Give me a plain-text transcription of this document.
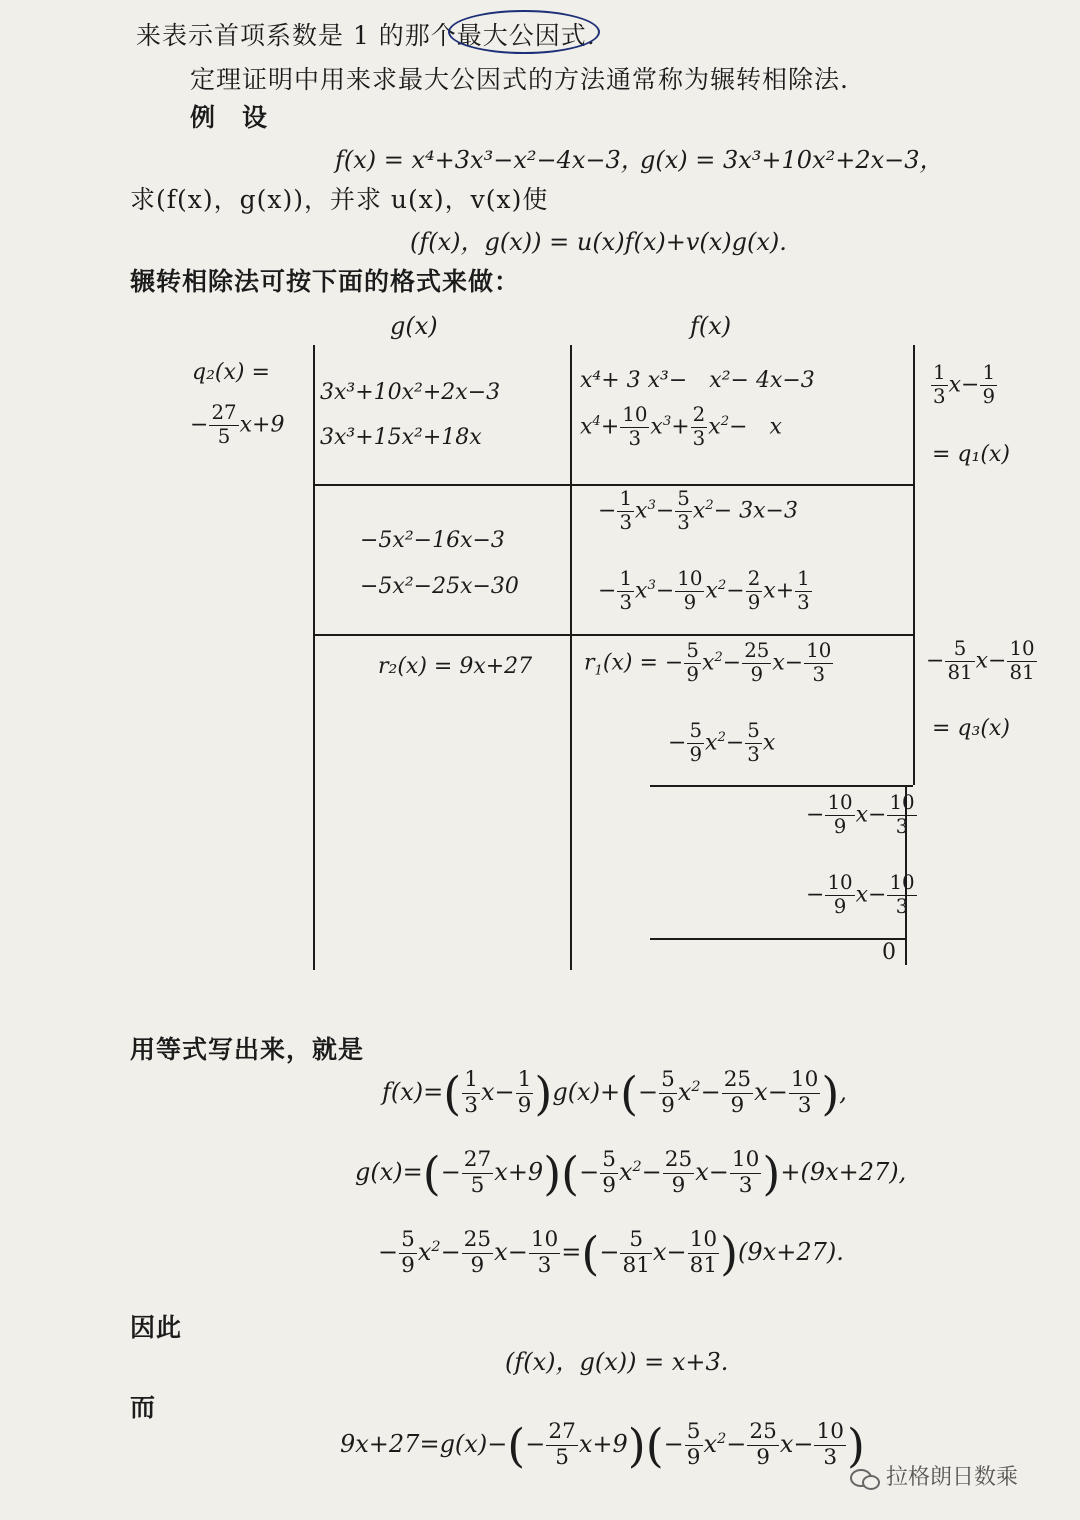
来表示首项系数是 1 的那个最大公因式.
定理证明中用来求最大公因式的方法通常称为辗转相除法.
例　设
f(x) = x⁴+3x³−x²−4x−3，
g(x) = 3x³+10x²+2x−3，
求(f(x)，g(x))，并求 u(x)，v(x)使
(f(x)，g(x)) = u(x)f(x)+v(x)g(x).
辗转相除法可按下面的格式来做：
g(x)	f(x)
q₂(x) =
− $\frac{27}{5} x+9$
3x³+10x²+2x−3
3x³+15x²+18x
−5x²−16x−3
−5x²−25x−30
r₂(x) = 9x+27
x⁴+ 3 x³−　x²− 4x−3
$x^4+ \frac{10}{3} x^3+ \frac{2}{3} x^2-$　x
− $\frac{1}{3} x^3- \frac{5}{3} x^2- 3x-3$
− $\frac{1}{3} x^3- \frac{10}{9} x^2- \frac{2}{9} x+ \frac{1}{3}$
$r_1(x)$ = − $\frac{5}{9} x^2- \frac{25}{9} x- \frac{10}{3}$
− $\frac{5}{9} x^2- \frac{5}{3}$ x
− $\frac{10}{9} x- \frac{10}{3}$
− $\frac{10}{9} x- \frac{10}{3}$
0
$\frac{1}{3} x- \frac{1}{9}$
= q₁(x)
− $\frac{5}{81} x- \frac{10}{81}$
= q₃(x)
用等式写出来，就是
$f(x)=( \frac{1}{3} x- \frac{1}{9} )g(x)+(- \frac{5}{9} x^2- \frac{25}{9} x- \frac{10}{3}$ ),
$g(x)=(- \frac{27}{5} x+9)(- \frac{5}{9} x^2- \frac{25}{9} x- \frac{10}{3} )+(9x+27)$,
− $\frac{5}{9} x^2- \frac{25}{9} x- \frac{10}{3}$ =(− $\frac{5}{81} x- \frac{10}{81} )(9x+27)$.
因此
(f(x)，g(x)) = x+3.
而
$9x+27=g(x)-(- \frac{27}{5} x+9)(- \frac{5}{9} x^2- \frac{25}{9} x- \frac{10}{3}$ )
拉格朗日数乘
